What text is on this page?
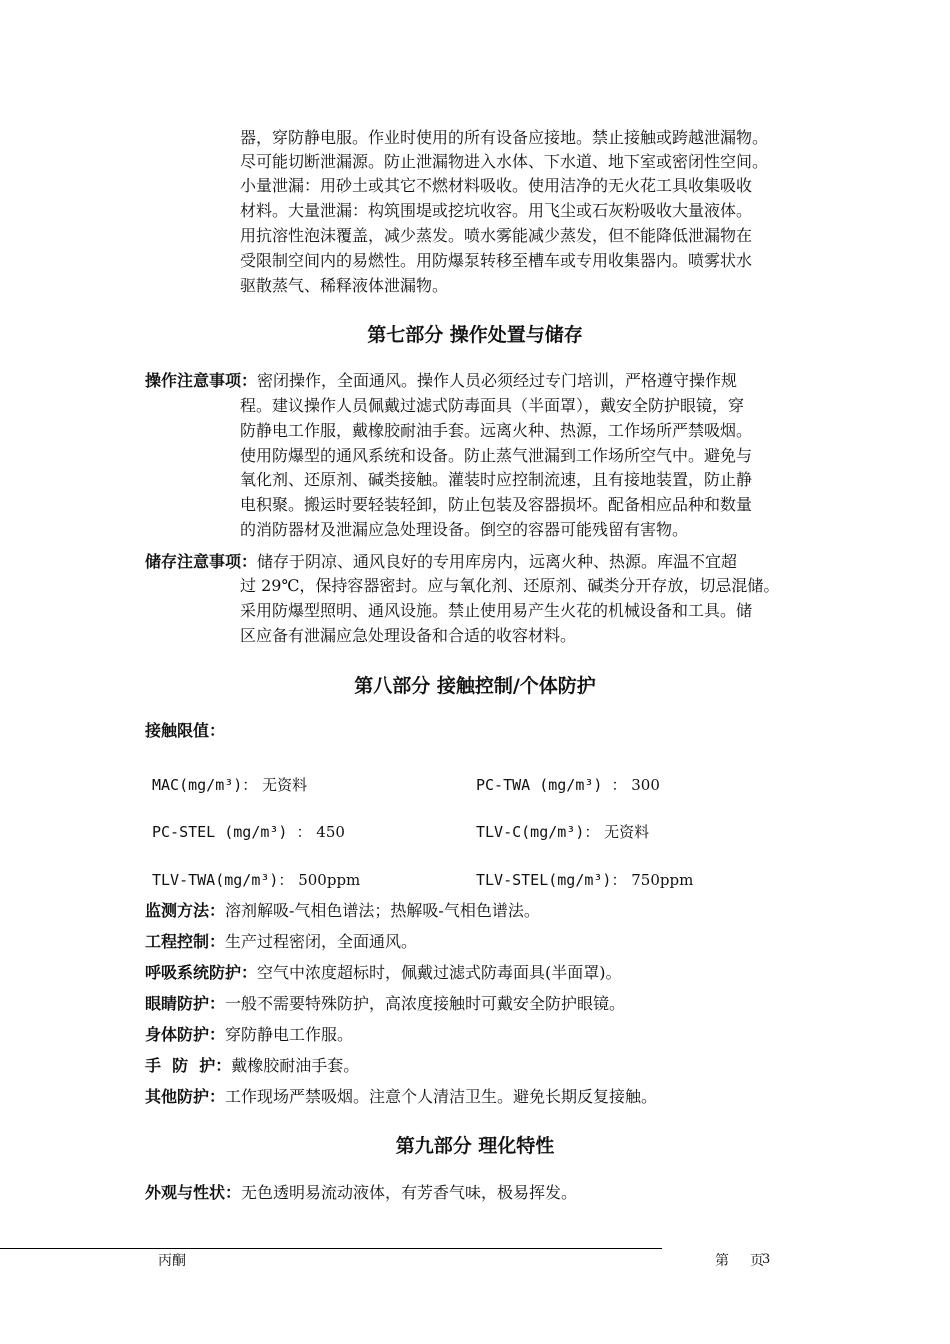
器，穿防静电服。作业时使用的所有设备应接地。禁止接触或跨越泄漏物。
尽可能切断泄漏源。防止泄漏物进入水体、下水道、地下室或密闭性空间。
小量泄漏：用砂土或其它不燃材料吸收。使用洁净的无火花工具收集吸收
材料。大量泄漏：构筑围堤或挖坑收容。用飞尘或石灰粉吸收大量液体。
用抗溶性泡沫覆盖，减少蒸发。喷水雾能减少蒸发，但不能降低泄漏物在
受限制空间内的易燃性。用防爆泵转移至槽车或专用收集器内。喷雾状水
驱散蒸气、稀释液体泄漏物。
第七部分 操作处置与储存
操作注意事项：密闭操作，全面通风。操作人员必须经过专门培训，严格遵守操作规
程。建议操作人员佩戴过滤式防毒面具（半面罩），戴安全防护眼镜，穿
防静电工作服，戴橡胶耐油手套。远离火种、热源，工作场所严禁吸烟。
使用防爆型的通风系统和设备。防止蒸气泄漏到工作场所空气中。避免与
氧化剂、还原剂、碱类接触。灌装时应控制流速，且有接地装置，防止静
电积聚。搬运时要轻装轻卸，防止包装及容器损坏。配备相应品种和数量
的消防器材及泄漏应急处理设备。倒空的容器可能残留有害物。
储存注意事项：储存于阴凉、通风良好的专用库房内，远离火种、热源。库温不宜超
过 29℃，保持容器密封。应与氧化剂、还原剂、碱类分开存放，切忌混储。
采用防爆型照明、通风设施。禁止使用易产生火花的机械设备和工具。储
区应备有泄漏应急处理设备和合适的收容材料。
第八部分 接触控制/个体防护
接触限值：
MAC(mg/m³)： 无资料	PC-TWA (mg/m³) ： 300
PC-STEL (mg/m³) ： 450	TLV-C(mg/m³)： 无资料
TLV-TWA(mg/m³)： 500ppm	TLV-STEL(mg/m³)： 750ppm
监测方法：溶剂解吸-气相色谱法；热解吸-气相色谱法。
工程控制：生产过程密闭，全面通风。
呼吸系统防护：空气中浓度超标时，佩戴过滤式防毒面具(半面罩)。
眼睛防护：一般不需要特殊防护，高浓度接触时可戴安全防护眼镜。
身体防护：穿防静电工作服。
手  防  护：戴橡胶耐油手套。
其他防护：工作现场严禁吸烟。注意个人清洁卫生。避免长期反复接触。
第九部分 理化特性
外观与性状：无色透明易流动液体，有芳香气味，极易挥发。
丙酮	第 页
3
